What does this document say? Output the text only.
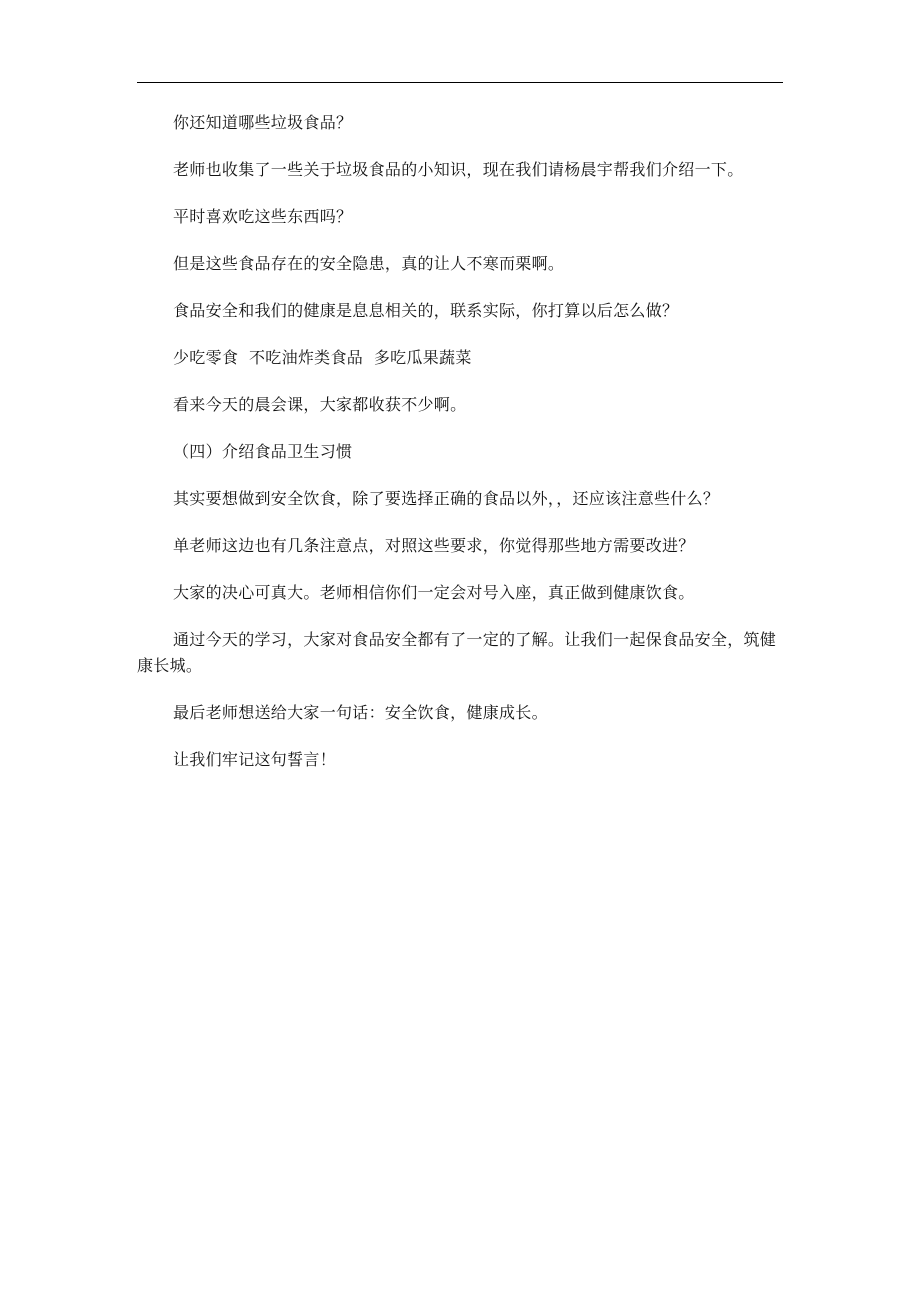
你还知道哪些垃圾食品？

老师也收集了一些关于垃圾食品的小知识，现在我们请杨晨宇帮我们介绍一下。

平时喜欢吃这些东西吗？

但是这些食品存在的安全隐患，真的让人不寒而栗啊。

食品安全和我们的健康是息息相关的，联系实际，你打算以后怎么做？

少吃零食  不吃油炸类食品  多吃瓜果蔬菜

看来今天的晨会课，大家都收获不少啊。

（四）介绍食品卫生习惯

其实要想做到安全饮食，除了要选择正确的食品以外，，还应该注意些什么？

单老师这边也有几条注意点，对照这些要求，你觉得那些地方需要改进？

大家的决心可真大。老师相信你们一定会对号入座，真正做到健康饮食。

通过今天的学习，大家对食品安全都有了一定的了解。让我们一起保食品安全，筑健康长城。

最后老师想送给大家一句话：安全饮食，健康成长。

让我们牢记这句誓言！
